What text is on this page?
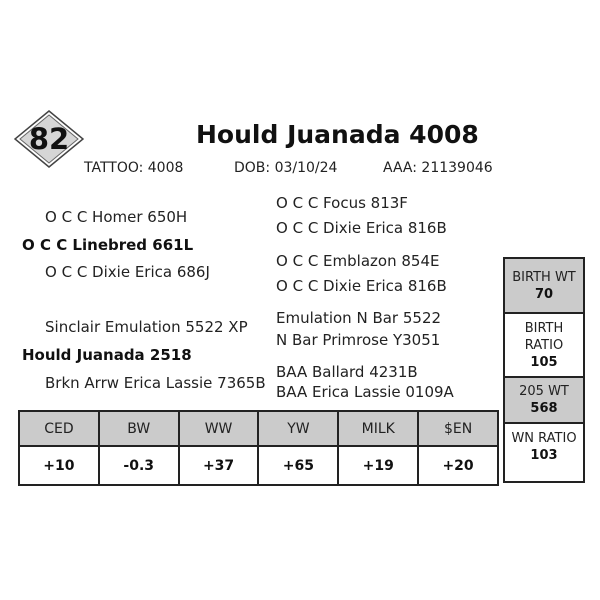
82	Hould Juanada 4008
TATTOO: 4008	DOB: 03/10/24	AAA: 21139046
O C C Homer 650H
O C C Linebred 661L
O C C Dixie Erica 686J
Sinclair Emulation 5522 XP
Hould Juanada 2518
Brkn Arrw Erica Lassie 7365B
O C C Focus 813F
O C C Dixie Erica 816B
O C C Emblazon 854E
O C C Dixie Erica 816B
Emulation N Bar 5522
N Bar Primrose Y3051
BAA Ballard 4231B
BAA Erica Lassie 0109A
CED	BW	WW	YW	MILK	$EN
+10	-0.3	+37	+65	+19	+20
BIRTH WT
70
BIRTH
RATIO
105
205 WT
568
WN RATIO
103
